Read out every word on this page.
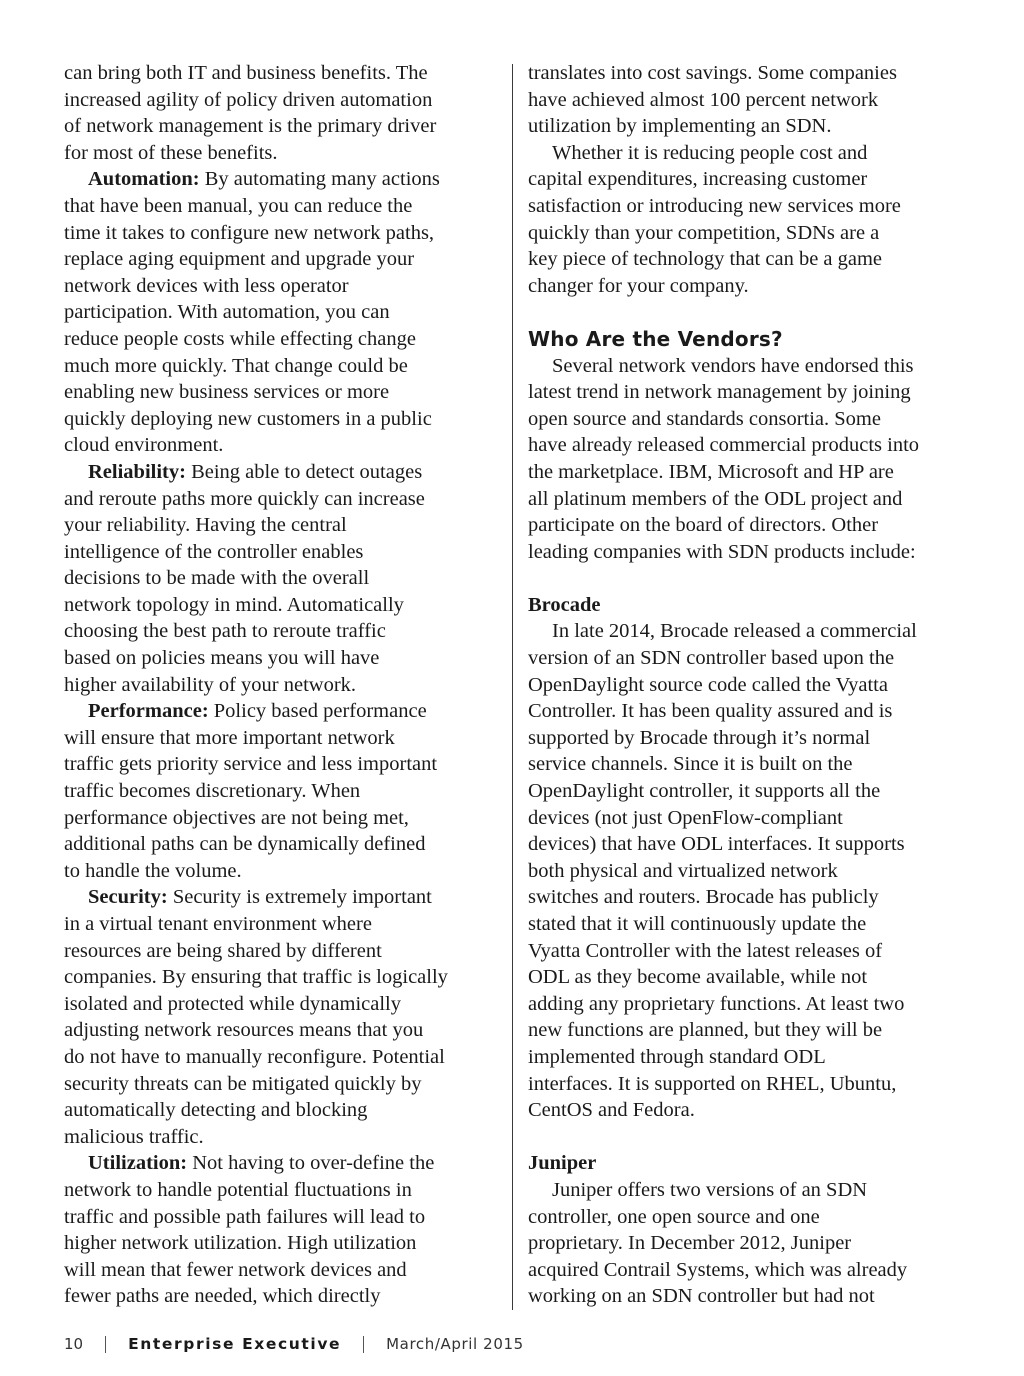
can bring both IT and business benefits. The
increased agility of policy driven automation
of network management is the primary driver
for most of these benefits.
Automation: By automating many actions
that have been manual, you can reduce the
time it takes to configure new network paths,
replace aging equipment and upgrade your
network devices with less operator
participation. With automation, you can
reduce people costs while effecting change
much more quickly. That change could be
enabling new business services or more
quickly deploying new customers in a public
cloud environment.
Reliability: Being able to detect outages
and reroute paths more quickly can increase
your reliability. Having the central
intelligence of the controller enables
decisions to be made with the overall
network topology in mind. Automatically
choosing the best path to reroute traffic
based on policies means you will have
higher availability of your network.
Performance: Policy based performance
will ensure that more important network
traffic gets priority service and less important
traffic becomes discretionary. When
performance objectives are not being met,
additional paths can be dynamically defined
to handle the volume.
Security: Security is extremely important
in a virtual tenant environment where
resources are being shared by different
companies. By ensuring that traffic is logically
isolated and protected while dynamically
adjusting network resources means that you
do not have to manually reconfigure. Potential
security threats can be mitigated quickly by
automatically detecting and blocking
malicious traffic.
Utilization: Not having to over-define the
network to handle potential fluctuations in
traffic and possible path failures will lead to
higher network utilization. High utilization
will mean that fewer network devices and
fewer paths are needed, which directly
translates into cost savings. Some companies
have achieved almost 100 percent network
utilization by implementing an SDN.
Whether it is reducing people cost and
capital expenditures, increasing customer
satisfaction or introducing new services more
quickly than your competition, SDNs are a
key piece of technology that can be a game
changer for your company.
Who Are the Vendors?
Several network vendors have endorsed this
latest trend in network management by joining
open source and standards consortia. Some
have already released commercial products into
the marketplace. IBM, Microsoft and HP are
all platinum members of the ODL project and
participate on the board of directors. Other
leading companies with SDN products include:
Brocade
In late 2014, Brocade released a commercial
version of an SDN controller based upon the
OpenDaylight source code called the Vyatta
Controller. It has been quality assured and is
supported by Brocade through it’s normal
service channels. Since it is built on the
OpenDaylight controller, it supports all the
devices (not just OpenFlow-compliant
devices) that have ODL interfaces. It supports
both physical and virtualized network
switches and routers. Brocade has publicly
stated that it will continuously update the
Vyatta Controller with the latest releases of
ODL as they become available, while not
adding any proprietary functions. At least two
new functions are planned, but they will be
implemented through standard ODL
interfaces. It is supported on RHEL, Ubuntu,
CentOS and Fedora.
Juniper
Juniper offers two versions of an SDN
controller, one open source and one
proprietary. In December 2012, Juniper
acquired Contrail Systems, which was already
working on an SDN controller but had not
10	Enterprise Executive	March/April 2015
